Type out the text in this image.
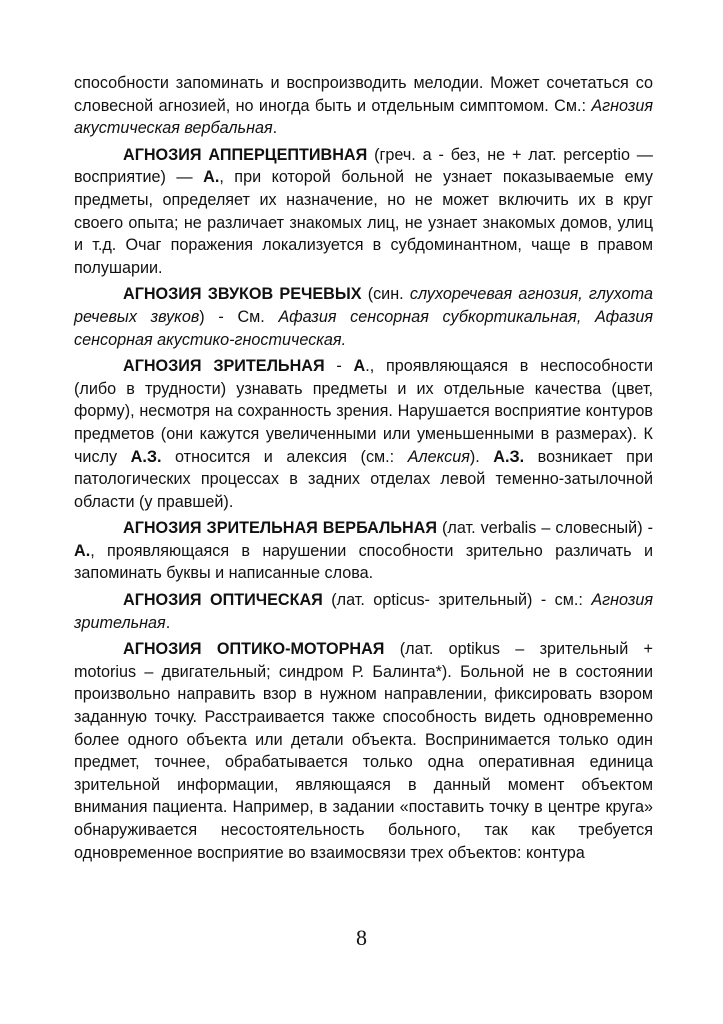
способности запоминать и воспроизводить мелодии. Может сочетаться со словесной агнозией, но иногда быть и отдельным симптомом. См.: Агнозия акустическая вербальная.

АГНОЗИЯ АППЕРЦЕПТИВНАЯ (греч. а - без, не + лат. perceptio — восприятие) — А., при которой больной не узнает показываемые ему предметы, определяет их назначение, но не может включить их в круг своего опыта; не различает знакомых лиц, не узнает знакомых домов, улиц и т.д. Очаг поражения локализуется в субдоминантном, чаще в правом полушарии.

АГНОЗИЯ ЗВУКОВ РЕЧЕВЫХ (син. слухоречевая агнозия, глухота речевых звуков) - См. Афазия сенсорная субкортикальная, Афазия сенсорная акустико-гностическая.

АГНОЗИЯ ЗРИТЕЛЬНАЯ - А., проявляющаяся в неспособности (либо в трудности) узнавать предметы и их отдельные качества (цвет, форму), несмотря на сохранность зрения. Нарушается восприятие контуров предметов (они кажутся увеличенными или уменьшенными в размерах). К числу А.З. относится и алексия (см.: Алексия). А.З. возникает при патологических процессах в задних отделах левой теменно-затылочной области (у правшей).

АГНОЗИЯ ЗРИТЕЛЬНАЯ ВЕРБАЛЬНАЯ (лат. verbalis – словесный) - А., проявляющаяся в нарушении способности зрительно различать и запоминать буквы и написанные слова.

АГНОЗИЯ ОПТИЧЕСКАЯ (лат. opticus- зрительный) - см.: Агнозия зрительная.

АГНОЗИЯ ОПТИКО-МОТОРНАЯ (лат. optikus – зрительный + motorius – двигательный; синдром Р. Балинта*). Больной не в состоянии произвольно направить взор в нужном направлении, фиксировать взором заданную точку. Расстраивается также способность видеть одновременно более одного объекта или детали объекта. Воспринимается только один предмет, точнее, обрабатывается только одна оперативная единица зрительной информации, являющаяся в данный момент объектом внимания пациента. Например, в задании «поставить точку в центре круга» обнаруживается несостоятельность больного, так как требуется одновременное восприятие во взаимосвязи трех объектов: контура

8
